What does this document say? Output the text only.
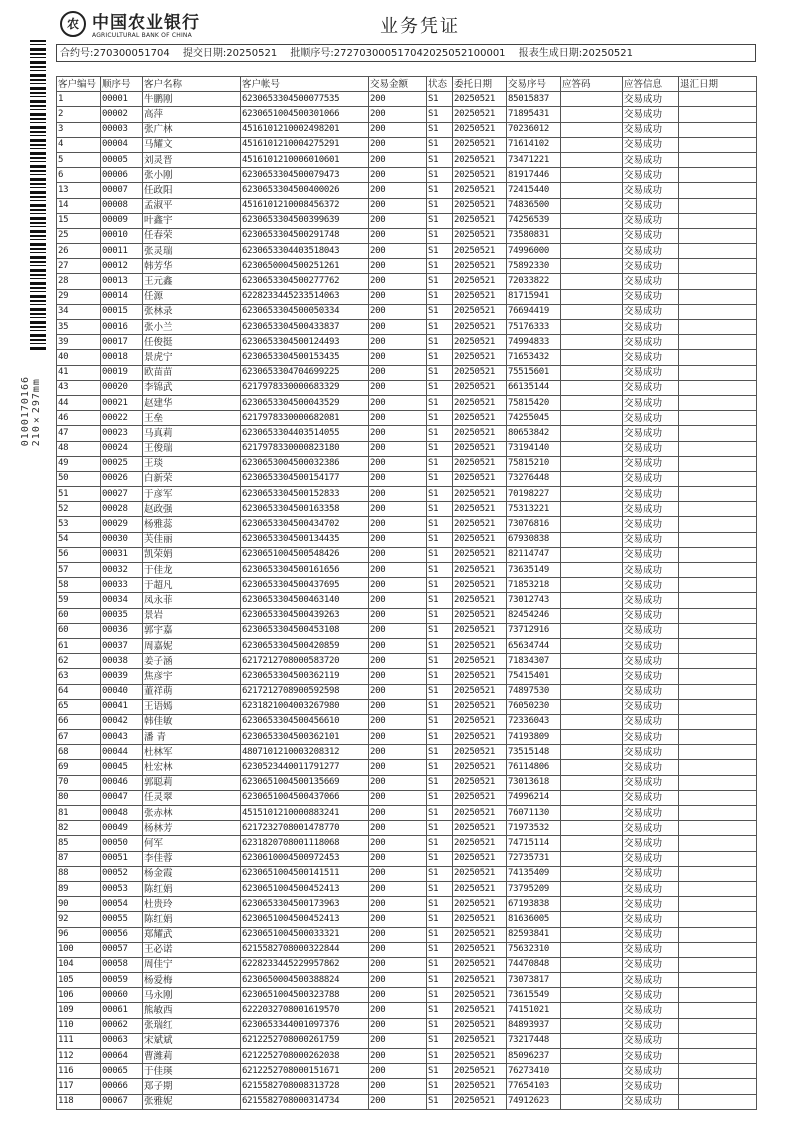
0100170166 210×297mm
农 中国农业银行
AGRICULTURAL BANK OF CHINA	业务凭证
合约号:270300051704 提交日期:20250521 批顺序号:272703000517042025052100001 报表生成日期:20250521
客户编号	顺序号	客户名称	客户帐号	交易金额	状态	委托日期	交易序号	应答码	应答信息	退汇日期
1	00001	牛鹏刚	6230653304500077535	200	S1	20250521	85015837		交易成功	
2	00002	高萍	6230651004500301066	200	S1	20250521	71895431		交易成功	
3	00003	张广林	4516101210002498201	200	S1	20250521	70236012		交易成功	
4	00004	马耀文	4516101210004275291	200	S1	20250521	71614102		交易成功	
5	00005	刘灵晋	4516101210006010601	200	S1	20250521	73471221		交易成功	
6	00006	张小刚	6230653304500079473	200	S1	20250521	81917446		交易成功	
13	00007	任政阳	6230653304500400026	200	S1	20250521	72415440		交易成功	
14	00008	孟淑平	4516101210008456372	200	S1	20250521	74836500		交易成功	
15	00009	叶鑫宇	6230653304500399639	200	S1	20250521	74256539		交易成功	
25	00010	任春荣	6230653304500291748	200	S1	20250521	73580831		交易成功	
26	00011	张灵瑞	6230653304403518043	200	S1	20250521	74996000		交易成功	
27	00012	韩芳华	6230650004500251261	200	S1	20250521	75892330		交易成功	
28	00013	王元鑫	6230653304500277762	200	S1	20250521	72033822		交易成功	
29	00014	任源	6228233445233514063	200	S1	20250521	81715941		交易成功	
34	00015	张林录	6230653304500050334	200	S1	20250521	76694419		交易成功	
35	00016	张小兰	6230653304500433837	200	S1	20250521	75176333		交易成功	
39	00017	任俊挺	6230653304500124493	200	S1	20250521	74994833		交易成功	
40	00018	景虎宁	6230653304500153435	200	S1	20250521	71653432		交易成功	
41	00019	欧苗苗	6230653304704699225	200	S1	20250521	75515601		交易成功	
43	00020	李锦武	6217978330000683329	200	S1	20250521	66135144		交易成功	
44	00021	赵建华	6230653304500043529	200	S1	20250521	75815420		交易成功	
46	00022	王垒	6217978330000682081	200	S1	20250521	74255045		交易成功	
47	00023	马真莉	6230653304403514055	200	S1	20250521	80653842		交易成功	
48	00024	王俊瑞	6217978330000823180	200	S1	20250521	73194140		交易成功	
49	00025	王琰	6230653004500032386	200	S1	20250521	75815210		交易成功	
50	00026	白新荣	6230653304500154177	200	S1	20250521	73276448		交易成功	
51	00027	于彦军	6230653304500152833	200	S1	20250521	70198227		交易成功	
52	00028	赵政强	6230653304500163358	200	S1	20250521	75313221		交易成功	
53	00029	杨雅蕊	6230653304500434702	200	S1	20250521	73076816		交易成功	
54	00030	芙佳丽	6230653304500134435	200	S1	20250521	67930838		交易成功	
56	00031	凯荣娟	6230651004500548426	200	S1	20250521	82114747		交易成功	
57	00032	于佳龙	6230653304500161656	200	S1	20250521	73635149		交易成功	
58	00033	于超凡	6230653304500437695	200	S1	20250521	71853218		交易成功	
59	00034	凤永菲	6230653304500463140	200	S1	20250521	73012743		交易成功	
60	00035	景岩	6230653304500439263	200	S1	20250521	82454246		交易成功	
60	00036	郭宇嘉	6230653304500453108	200	S1	20250521	73712916		交易成功	
61	00037	周嘉妮	6230653304500420859	200	S1	20250521	65634744		交易成功	
62	00038	姜子涵	6217212708000583720	200	S1	20250521	71834307		交易成功	
63	00039	焦彦宇	6230653304500362119	200	S1	20250521	75415401		交易成功	
64	00040	董祥萌	6217212708900592598	200	S1	20250521	74897530		交易成功	
65	00041	王语嫣	6231821004003267980	200	S1	20250521	76050230		交易成功	
66	00042	韩佳敏	6230653304500456610	200	S1	20250521	72336043		交易成功	
67	00043	潘 青	6230653304500362101	200	S1	20250521	74193809		交易成功	
68	00044	杜林军	4807101210003208312	200	S1	20250521	73515148		交易成功	
69	00045	杜宏林	6230523440011791277	200	S1	20250521	76114806		交易成功	
70	00046	郭聪莉	6230651004500135669	200	S1	20250521	73013618		交易成功	
80	00047	任灵翠	6230651004500437066	200	S1	20250521	74996214		交易成功	
81	00048	张赤林	4515101210000883241	200	S1	20250521	76071130		交易成功	
82	00049	杨林芳	6217232708001478770	200	S1	20250521	71973532		交易成功	
85	00050	何军	6231820708001118068	200	S1	20250521	74715114		交易成功	
87	00051	李佳蓉	6230610004500972453	200	S1	20250521	72735731		交易成功	
88	00052	杨金霞	6230651004500141511	200	S1	20250521	74135409		交易成功	
89	00053	陈红娟	6230651004500452413	200	S1	20250521	73795209		交易成功	
90	00054	杜贵玲	6230653304500173963	200	S1	20250521	67193838		交易成功	
92	00055	陈红娟	6230651004500452413	200	S1	20250521	81636005		交易成功	
96	00056	郑耀武	6230651004500033321	200	S1	20250521	82593841		交易成功	
100	00057	王必诺	6215582708000322844	200	S1	20250521	75632310		交易成功	
104	00058	周佳宁	6228233445229957862	200	S1	20250521	74470848		交易成功	
105	00059	杨爱梅	6230650004500388824	200	S1	20250521	73073817		交易成功	
106	00060	马永刚	6230651004500323788	200	S1	20250521	73615549		交易成功	
109	00061	熊敏西	6222032708001619570	200	S1	20250521	74151021		交易成功	
110	00062	张瑞红	6230653344001097376	200	S1	20250521	84893937		交易成功	
111	00063	宋斌斌	6212252708000261759	200	S1	20250521	73217448		交易成功	
112	00064	曹潍莉	6212252708000262038	200	S1	20250521	85096237		交易成功	
116	00065	于佳瑛	6212252708000151671	200	S1	20250521	76273410		交易成功	
117	00066	郑子期	6215582708008313728	200	S1	20250521	77654103		交易成功	
118	00067	张雅妮	6215582708000314734	200	S1	20250521	74912623		交易成功	
